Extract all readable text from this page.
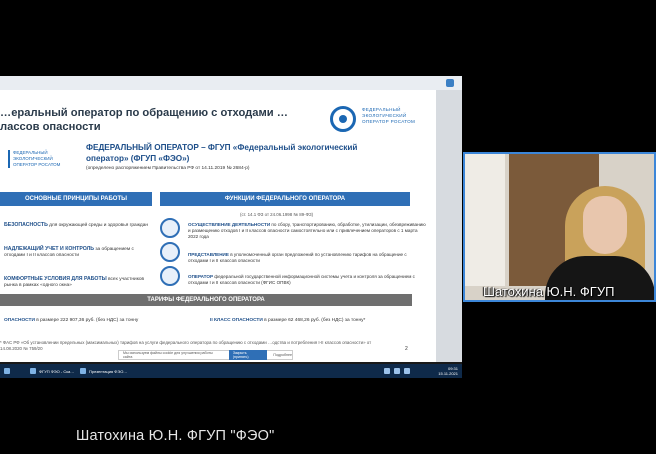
ФГУП ФЭО - Ска…	Презентация ФЭО…	09:31
15.11.2021
…еральный оператор по обращению с отходами …лассов опасности
ФЕДЕРАЛЬНЫЙ ЭКОЛОГИЧЕСКИЙ ОПЕРАТОР РОСАТОМ
ФЕДЕРАЛЬНЫЙ ЭКОЛОГИЧЕСКИЙ ОПЕРАТОР РОСАТОМ
ФЕДЕРАЛЬНЫЙ ОПЕРАТОР – ФГУП «Федеральный экологический оператор» (ФГУП «ФЭО»)
(определено распоряжением Правительства РФ от 14.11.2019 № 2684-р)
ОСНОВНЫЕ ПРИНЦИПЫ РАБОТЫ	ФУНКЦИИ ФЕДЕРАЛЬНОГО ОПЕРАТОРА
БЕЗОПАСНОСТЬ для окружающей среды и здоровья граждан
НАДЛЕЖАЩИЙ УЧЕТ И КОНТРОЛЬ за обращением с отходами I и II классов опасности
КОМФОРТНЫЕ УСЛОВИЯ ДЛЯ РАБОТЫ всех участников рынка в рамках «одного окна»
(ст. 14.1 ФЗ от 24.06.1998 № 89-ФЗ)
ОСУЩЕСТВЛЕНИЕ ДЕЯТЕЛЬНОСТИ по сбору, транспортированию, обработке, утилизации, обезвреживанию и размещению отходов I и II классов опасности самостоятельно или с привлечением операторов с 1 марта 2022 года
ПРЕДСТАВЛЕНИЕ в уполномоченный орган предложений по установлению тарифов на обращение с отходами I и II классов опасности
ОПЕРАТОР федеральной государственной информационной системы учета и контроля за обращением с отходами I и II классов опасности (ФГИС ОПВК)
ТАРИФЫ ФЕДЕРАЛЬНОГО ОПЕРАТОРА
ОПАСНОСТИ в размере 222 907,36 руб. (без НДС) за тонну	II КЛАСС ОПАСНОСТИ в размере 62 468,26 руб. (без НДС) за тонну*
* ФАС РФ «Об установлении предельных (максимальных) тарифов на услуги федерального оператора по обращению с отходами …одства и потребления I-II классов опасности» от 14.08.2020 № 759/20	2
Мы используем файлы cookie для улучшения работы сайта
Закрыть (принять)	Подробнее
Шатохина Ю.Н. ФГУП
Шатохина Ю.Н. ФГУП "ФЭО"
